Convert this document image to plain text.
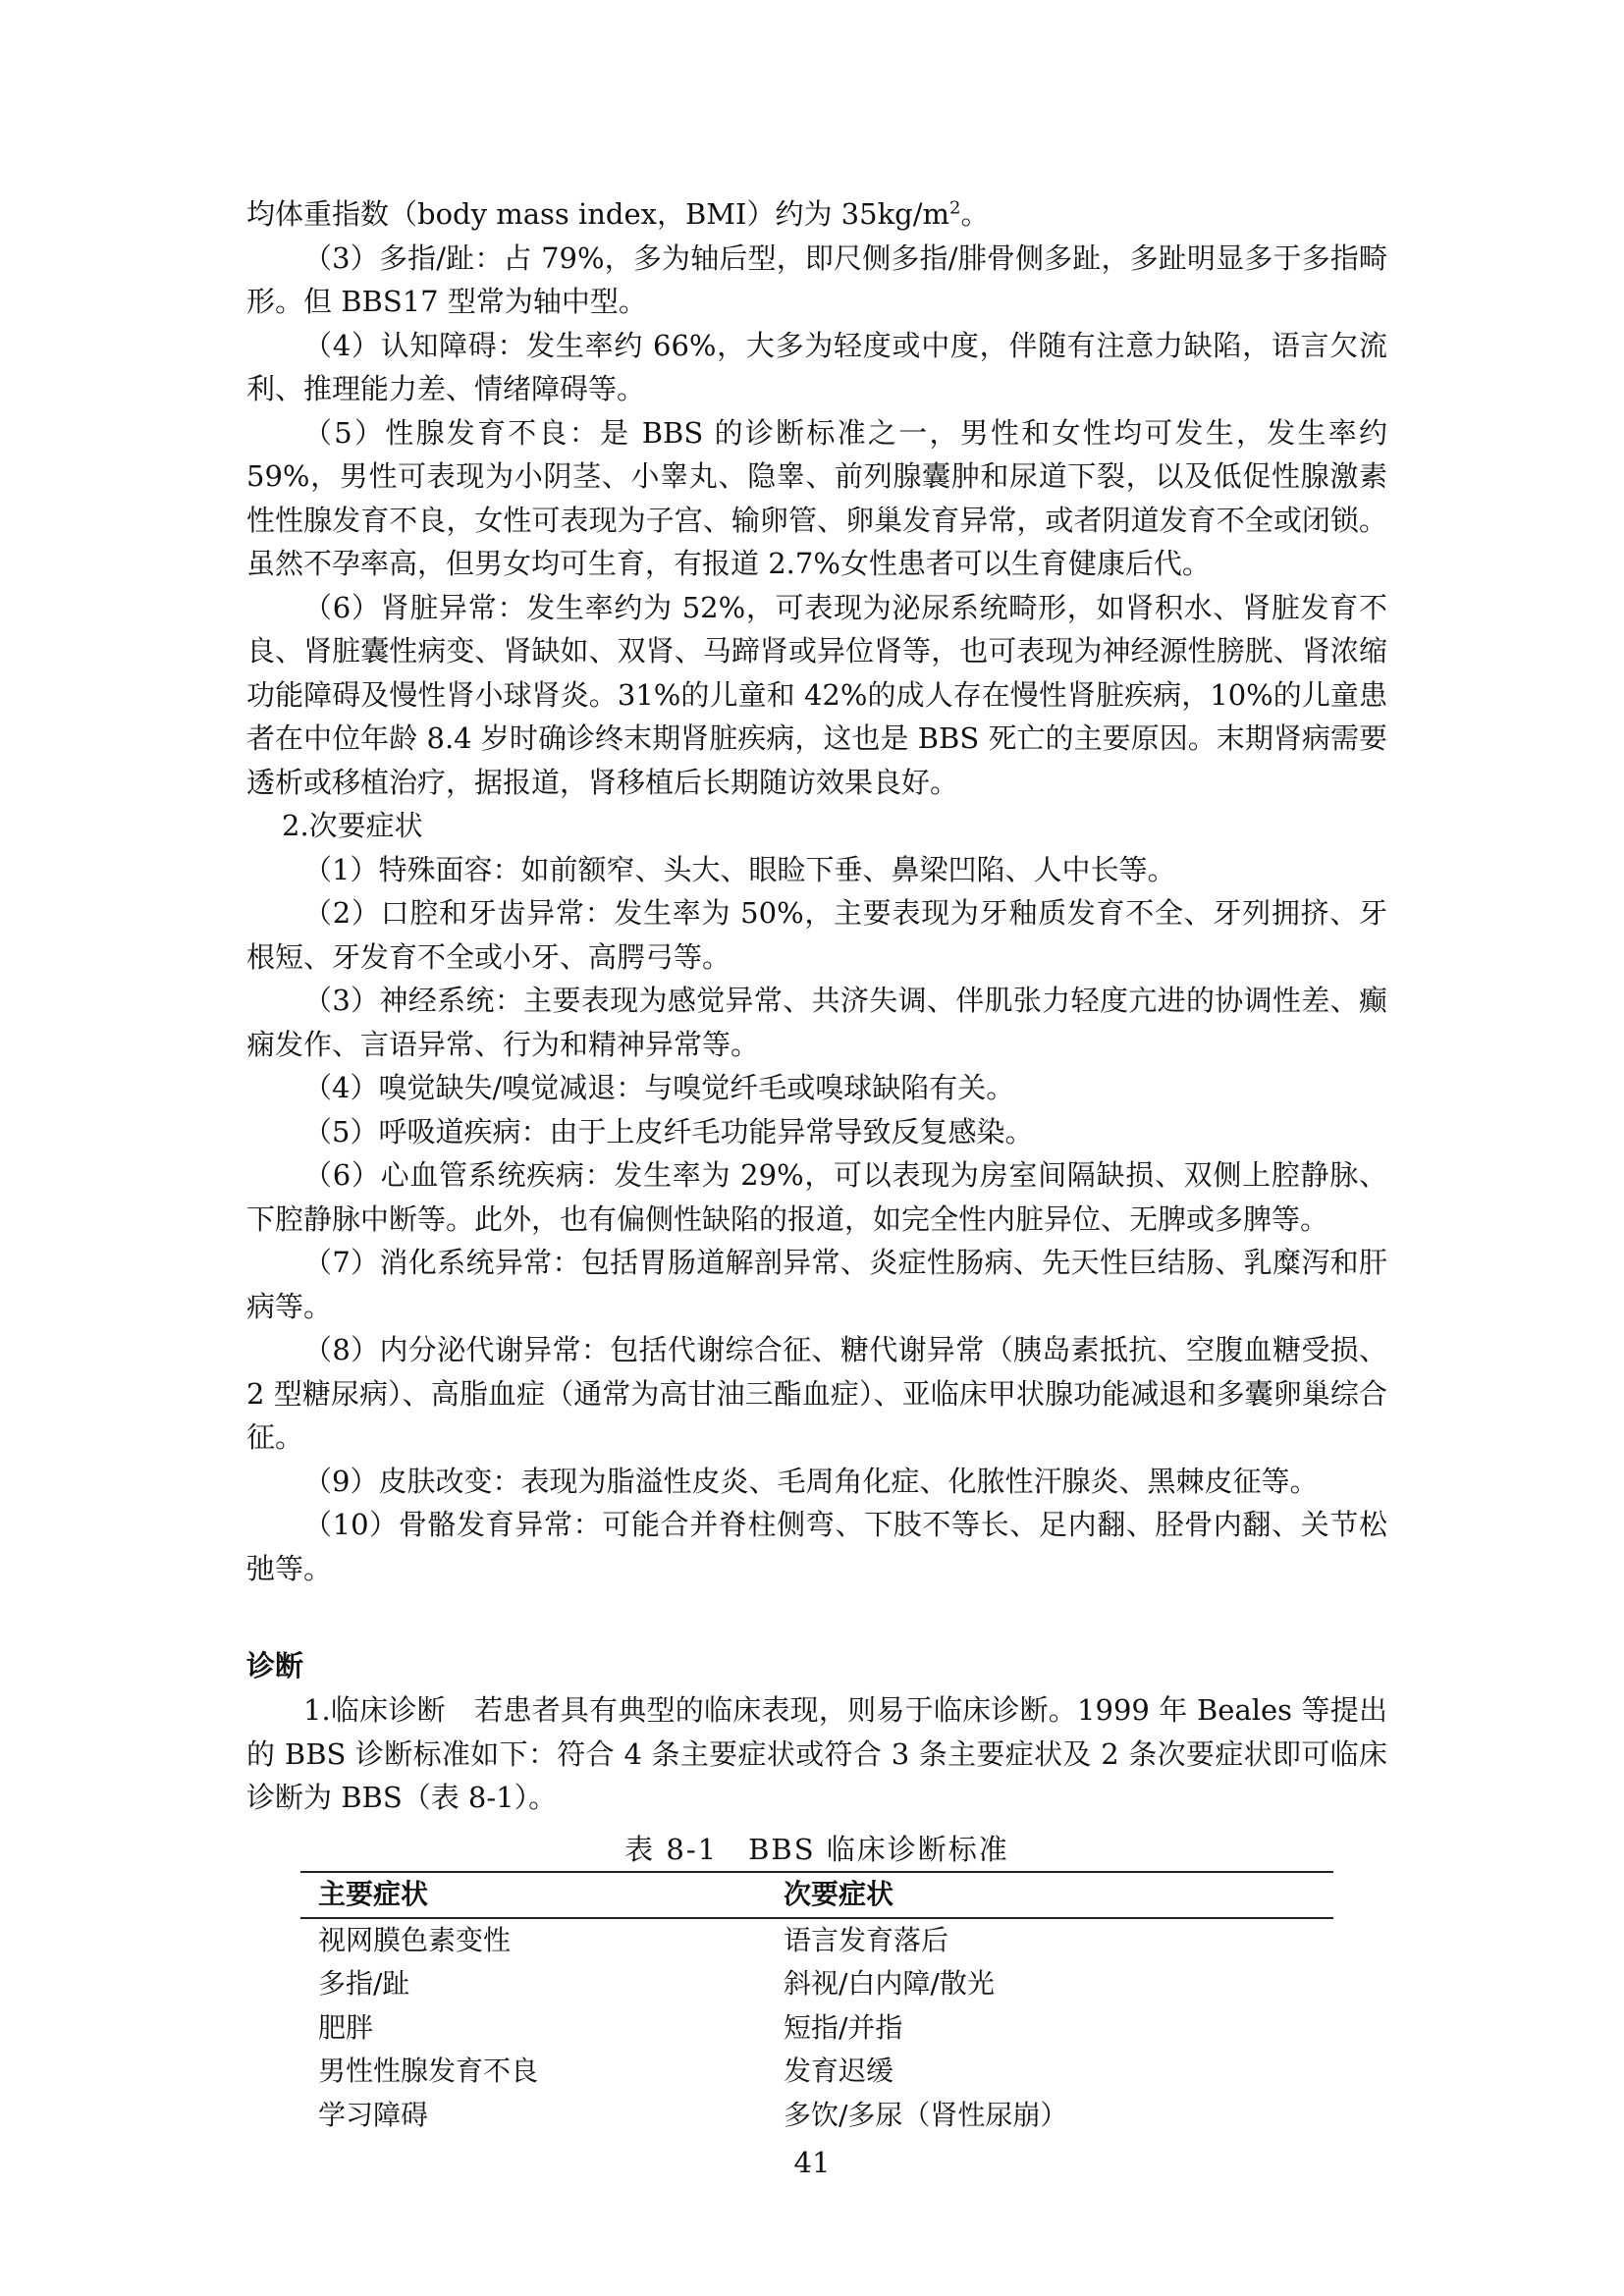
均体重指数（body mass index，BMI）约为 $35kg/m^2$。

（3）多指/趾：占 79%，多为轴后型，即尺侧多指/腓骨侧多趾，多趾明显多于多指畸形。但 BBS17 型常为轴中型。

（4）认知障碍：发生率约 66%，大多为轻度或中度，伴随有注意力缺陷，语言欠流利、推理能力差、情绪障碍等。

（5）性腺发育不良：是 BBS 的诊断标准之一，男性和女性均可发生，发生率约 59%，男性可表现为小阴茎、小睾丸、隐睾、前列腺囊肿和尿道下裂，以及低促性腺激素性性腺发育不良，女性可表现为子宫、输卵管、卵巢发育异常，或者阴道发育不全或闭锁。虽然不孕率高，但男女均可生育，有报道 2.7%女性患者可以生育健康后代。

（6）肾脏异常：发生率约为 52%，可表现为泌尿系统畸形，如肾积水、肾脏发育不良、肾脏囊性病变、肾缺如、双肾、马蹄肾或异位肾等，也可表现为神经源性膀胱、肾浓缩功能障碍及慢性肾小球肾炎。31%的儿童和 42%的成人存在慢性肾脏疾病，10%的儿童患者在中位年龄 8.4 岁时确诊终末期肾脏疾病，这也是 BBS 死亡的主要原因。末期肾病需要透析或移植治疗，据报道，肾移植后长期随访效果良好。

2.次要症状

（1）特殊面容：如前额窄、头大、眼睑下垂、鼻梁凹陷、人中长等。

（2）口腔和牙齿异常：发生率为 50%，主要表现为牙釉质发育不全、牙列拥挤、牙根短、牙发育不全或小牙、高腭弓等。

（3）神经系统：主要表现为感觉异常、共济失调、伴肌张力轻度亢进的协调性差、癫痫发作、言语异常、行为和精神异常等。

（4）嗅觉缺失/嗅觉减退：与嗅觉纤毛或嗅球缺陷有关。

（5）呼吸道疾病：由于上皮纤毛功能异常导致反复感染。

（6）心血管系统疾病：发生率为 29%，可以表现为房室间隔缺损、双侧上腔静脉、下腔静脉中断等。此外，也有偏侧性缺陷的报道，如完全性内脏异位、无脾或多脾等。

（7）消化系统异常：包括胃肠道解剖异常、炎症性肠病、先天性巨结肠、乳糜泻和肝病等。

（8）内分泌代谢异常：包括代谢综合征、糖代谢异常（胰岛素抵抗、空腹血糖受损、2 型糖尿病）、高脂血症（通常为高甘油三酯血症）、亚临床甲状腺功能减退和多囊卵巢综合征。

（9）皮肤改变：表现为脂溢性皮炎、毛周角化症、化脓性汗腺炎、黑棘皮征等。

（10）骨骼发育异常：可能合并脊柱侧弯、下肢不等长、足内翻、胫骨内翻、关节松弛等。

诊断

1.临床诊断　若患者具有典型的临床表现，则易于临床诊断。1999 年 Beales 等提出的 BBS 诊断标准如下：符合 4 条主要症状或符合 3 条主要症状及 2 条次要症状即可临床诊断为 BBS（表 8-1）。

表 8-1　BBS 临床诊断标准

主要症状	次要症状
视网膜色素变性	语言发育落后
多指/趾	斜视/白内障/散光
肥胖	短指/并指
男性性腺发育不良	发育迟缓
学习障碍	多饮/多尿（肾性尿崩）
41
